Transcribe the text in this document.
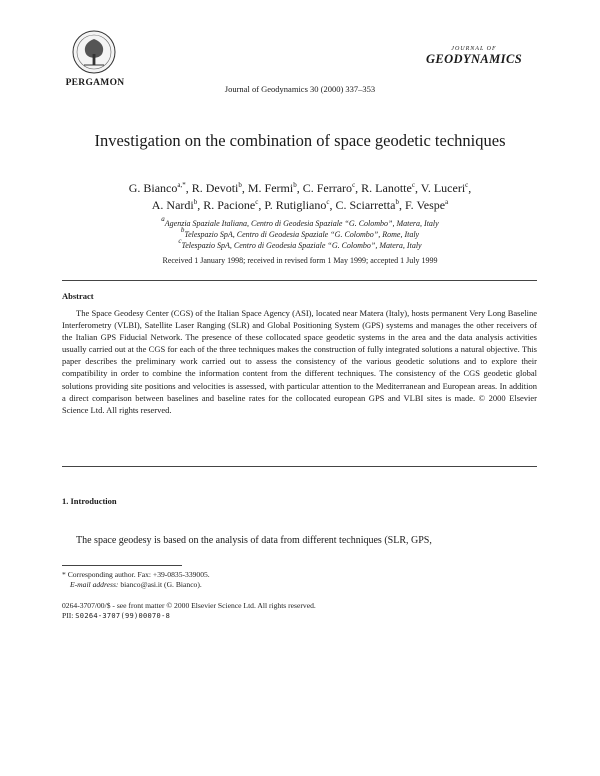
PERGAMON
Journal of Geodynamics 30 (2000) 337–353
JOURNAL OF
GEODYNAMICS
Investigation on the combination of space geodetic techniques
G. Bianco$^{a,*}$, R. Devoti$^b$, M. Fermi$^b$, C. Ferraro$^c$, R. Lanotte$^c$, V. Luceri$^c$,
A. Nardi$^b$, R. Pacione$^c$, P. Rutigliano$^c$, C. Sciarretta$^b$, F. Vespe$^a$
$^a$Agenzia Spaziale Italiana, Centro di Geodesia Spaziale “G. Colombo”, Matera, Italy
$^b$Telespazio SpA, Centro di Geodesia Spaziale “G. Colombo”, Rome, Italy
$^c$Telespazio SpA, Centro di Geodesia Spaziale “G. Colombo”, Matera, Italy
Received 1 January 1998; received in revised form 1 May 1999; accepted 1 July 1999
Abstract
The Space Geodesy Center (CGS) of the Italian Space Agency (ASI), located near Matera (Italy), hosts permanent Very Long Baseline Interferometry (VLBI), Satellite Laser Ranging (SLR) and Global Positioning System (GPS) systems and manages the other receivers of the Italian GPS Fiducial Network. The presence of these collocated space geodetic systems in the area and the data analysis activities usually carried out at the CGS for each of the three techniques makes the construction of fully integrated solutions a natural objective. This paper describes the preliminary work carried out to assess the consistency of the various geodetic solutions and to explore their compatibility in order to combine the information content from the different techniques. The consistency of the CGS geodetic global solutions providing site positions and velocities is assessed, with particular attention to the Mediterranean and European areas. In addition a direct comparison between baselines and baseline rates for the collocated european GPS and VLBI sites is made. © 2000 Elsevier Science Ltd. All rights reserved.
1. Introduction
The space geodesy is based on the analysis of data from different techniques (SLR, GPS,
* Corresponding author. Fax: +39-0835-339005.
E-mail address: bianco@asi.it (G. Bianco).
0264-3707/00/$ - see front matter © 2000 Elsevier Science Ltd. All rights reserved.
PII: S0264-3707(99)00070-8
